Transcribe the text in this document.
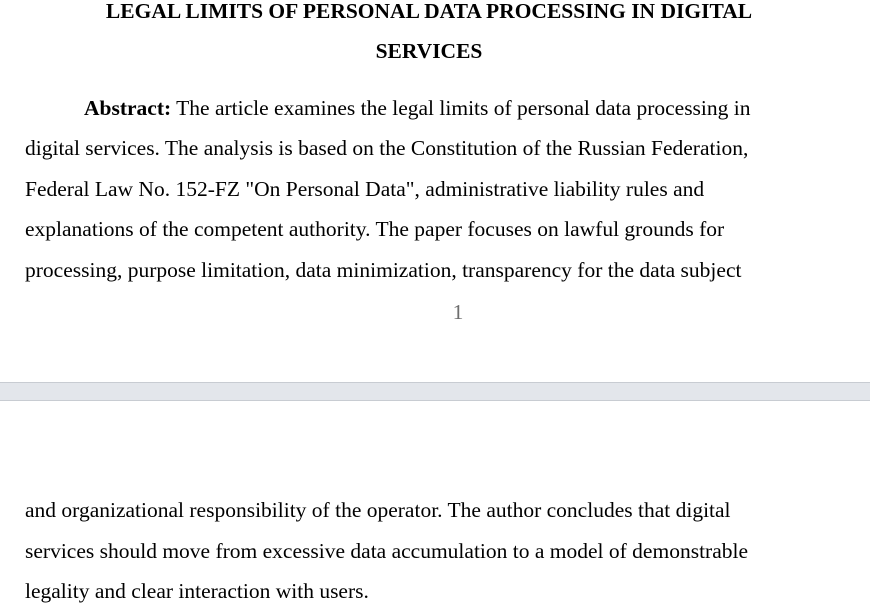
LEGAL LIMITS OF PERSONAL DATA PROCESSING IN DIGITAL

SERVICES

Abstract: The article examines the legal limits of personal data processing in

digital services. The analysis is based on the Constitution of the Russian Federation,

Federal Law No. 152-FZ "On Personal Data", administrative liability rules and

explanations of the competent authority. The paper focuses on lawful grounds for

processing, purpose limitation, data minimization, transparency for the data subject

1

and organizational responsibility of the operator. The author concludes that digital

services should move from excessive data accumulation to a model of demonstrable

legality and clear interaction with users.
